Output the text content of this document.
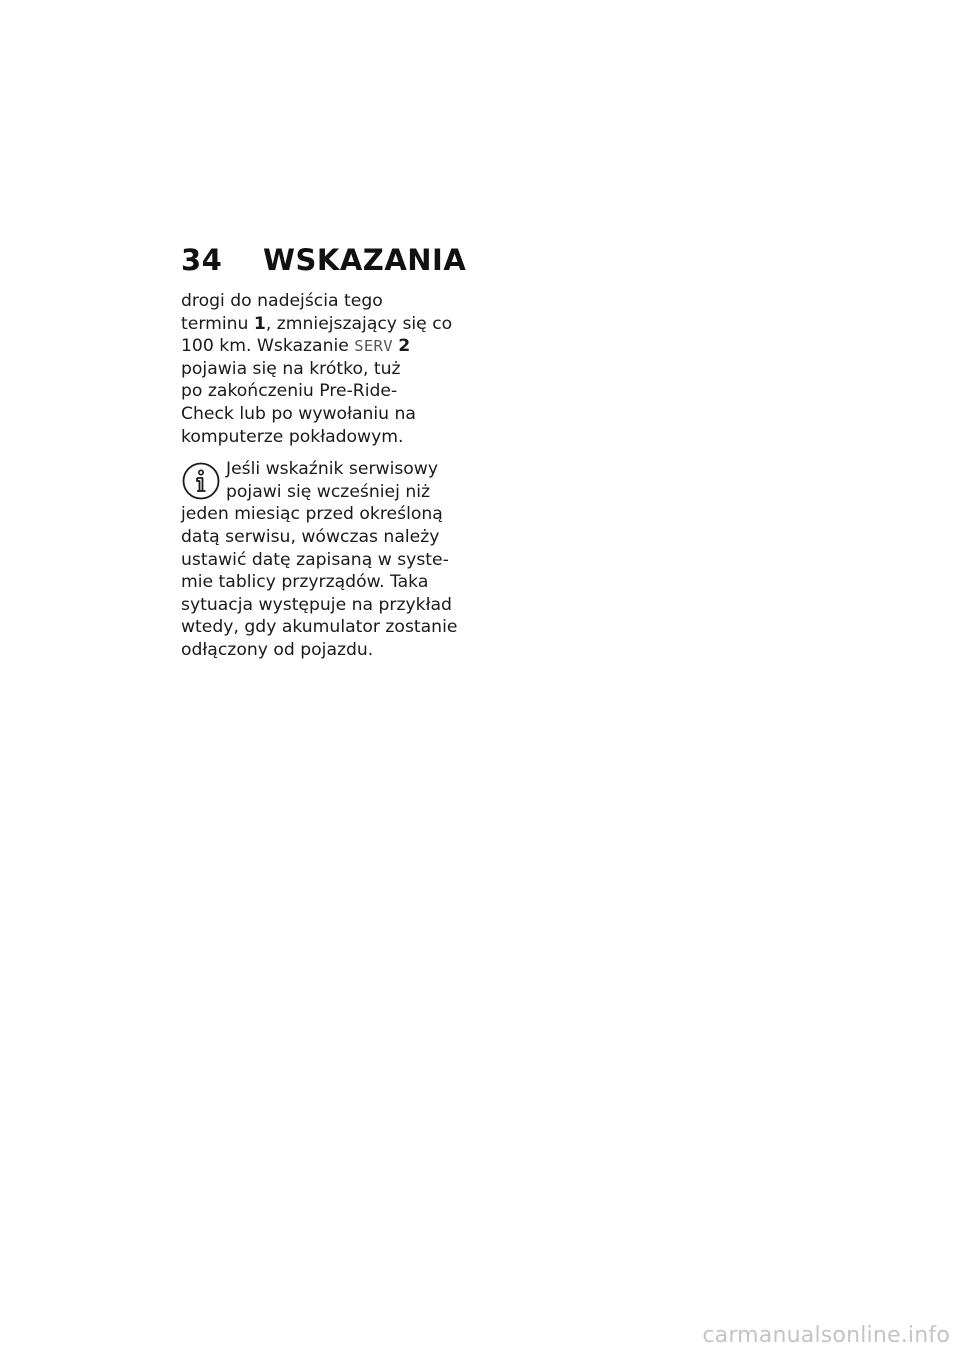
34	WSKAZANIA
drogi do nadejścia tego
terminu 1, zmniejszający się co
100 km. Wskazanie SERV 2
pojawia się na krótko, tuż
po zakończeniu Pre-Ride-
Check lub po wywołaniu na
komputerze pokładowym.
Jeśli wskaźnik serwisowy
pojawi się wcześniej niż
jeden miesiąc przed określoną
datą serwisu, wówczas należy
ustawić datę zapisaną w syste-
mie tablicy przyrządów. Taka
sytuacja występuje na przykład
wtedy, gdy akumulator zostanie
odłączony od pojazdu.
carmanualsonline.info
